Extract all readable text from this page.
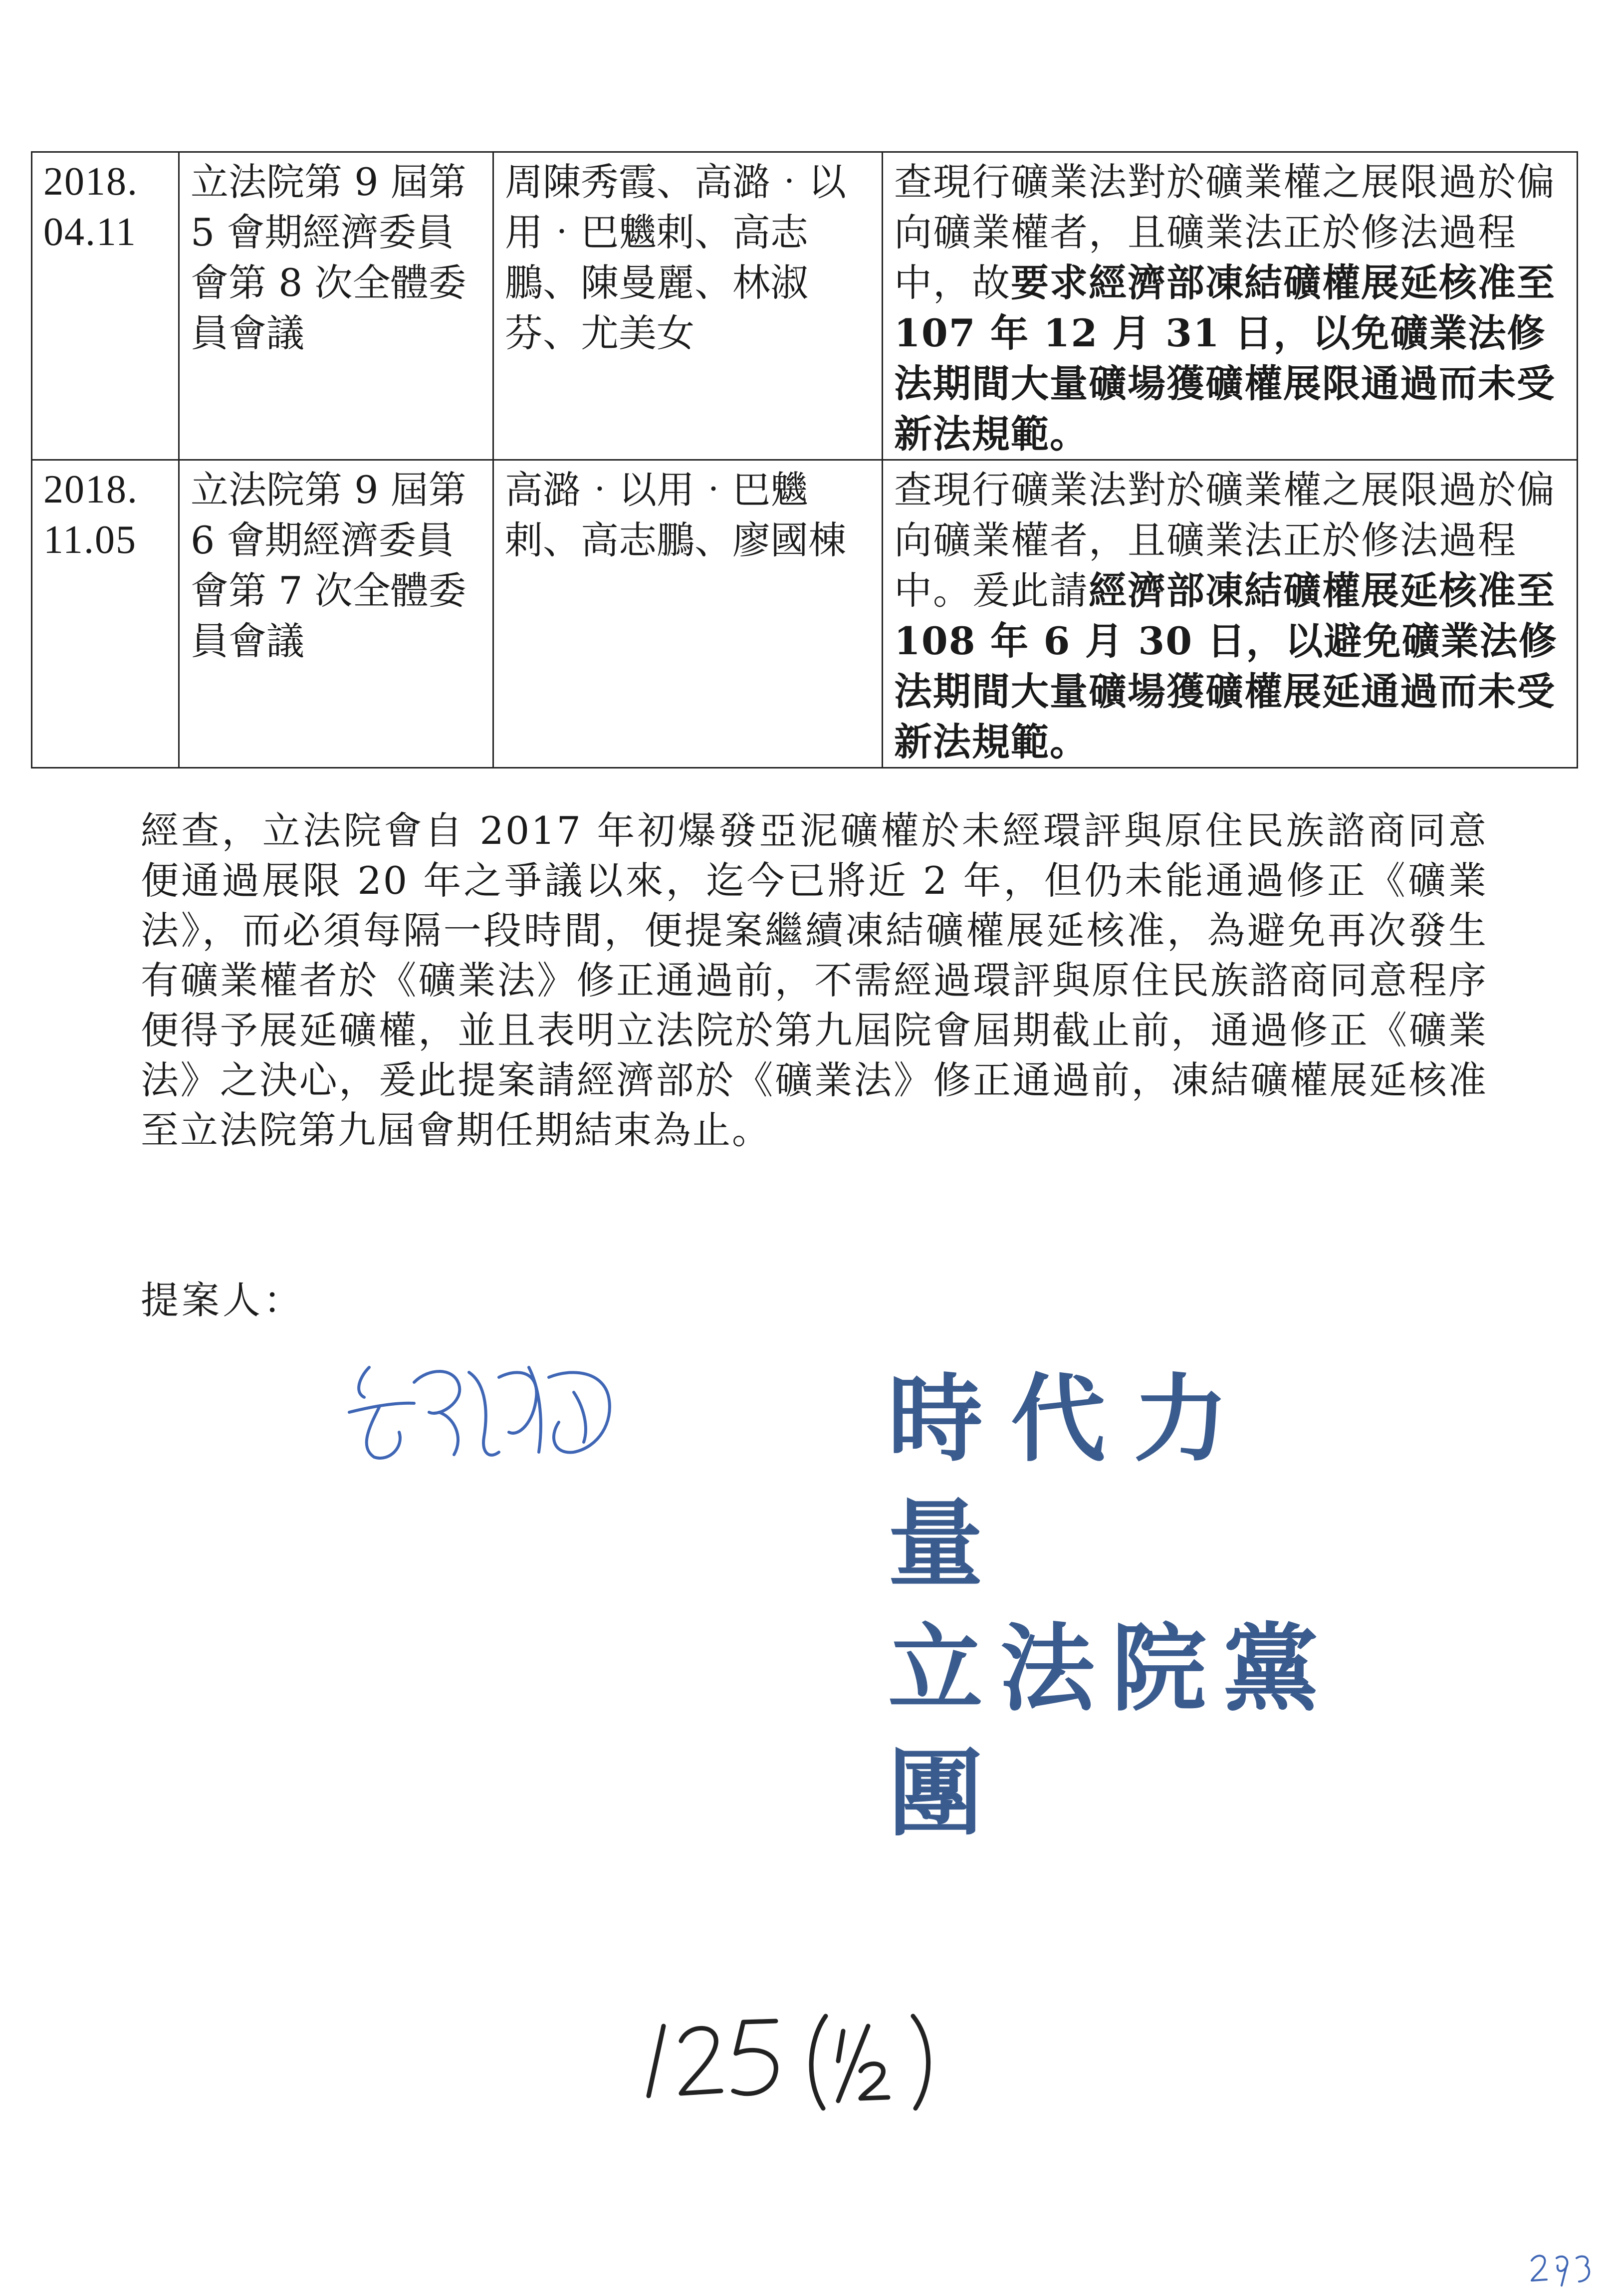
2018.
04.11	立法院第 9 屆第 5 會期經濟委員會第 8 次全體委員會議	周陳秀霞、高潞‧以用‧巴魕剌、高志鵬、陳曼麗、林淑芬、尤美女	查現行礦業法對於礦業權之展限過於偏向礦業權者，且礦業法正於修法過程中，故要求經濟部凍結礦權展延核准至 107 年 12 月 31 日，以免礦業法修法期間大量礦場獲礦權展限通過而未受新法規範。

2018.
11.05	立法院第 9 屆第 6 會期經濟委員會第 7 次全體委員會議	高潞‧以用‧巴魕剌、高志鵬、廖國棟	查現行礦業法對於礦業權之展限過於偏向礦業權者，且礦業法正於修法過程中。爰此請經濟部凍結礦權展延核准至 108 年 6 月 30 日，以避免礦業法修法期間大量礦場獲礦權展延通過而未受新法規範。

經查，立法院會自 2017 年初爆發亞泥礦權於未經環評與原住民族諮商同意便通過展限 20 年之爭議以來，迄今已將近 2 年，但仍未能通過修正《礦業法》，而必須每隔一段時間，便提案繼續凍結礦權展延核准，為避免再次發生有礦業權者於《礦業法》修正通過前，不需經過環評與原住民族諮商同意程序便得予展延礦權，並且表明立法院於第九屆院會屆期截止前，通過修正《礦業法》之決心，爰此提案請經濟部於《礦業法》修正通過前，凍結礦權展延核准至立法院第九屆會期任期結束為止。

提案人：

時代力量
立法院黨團
